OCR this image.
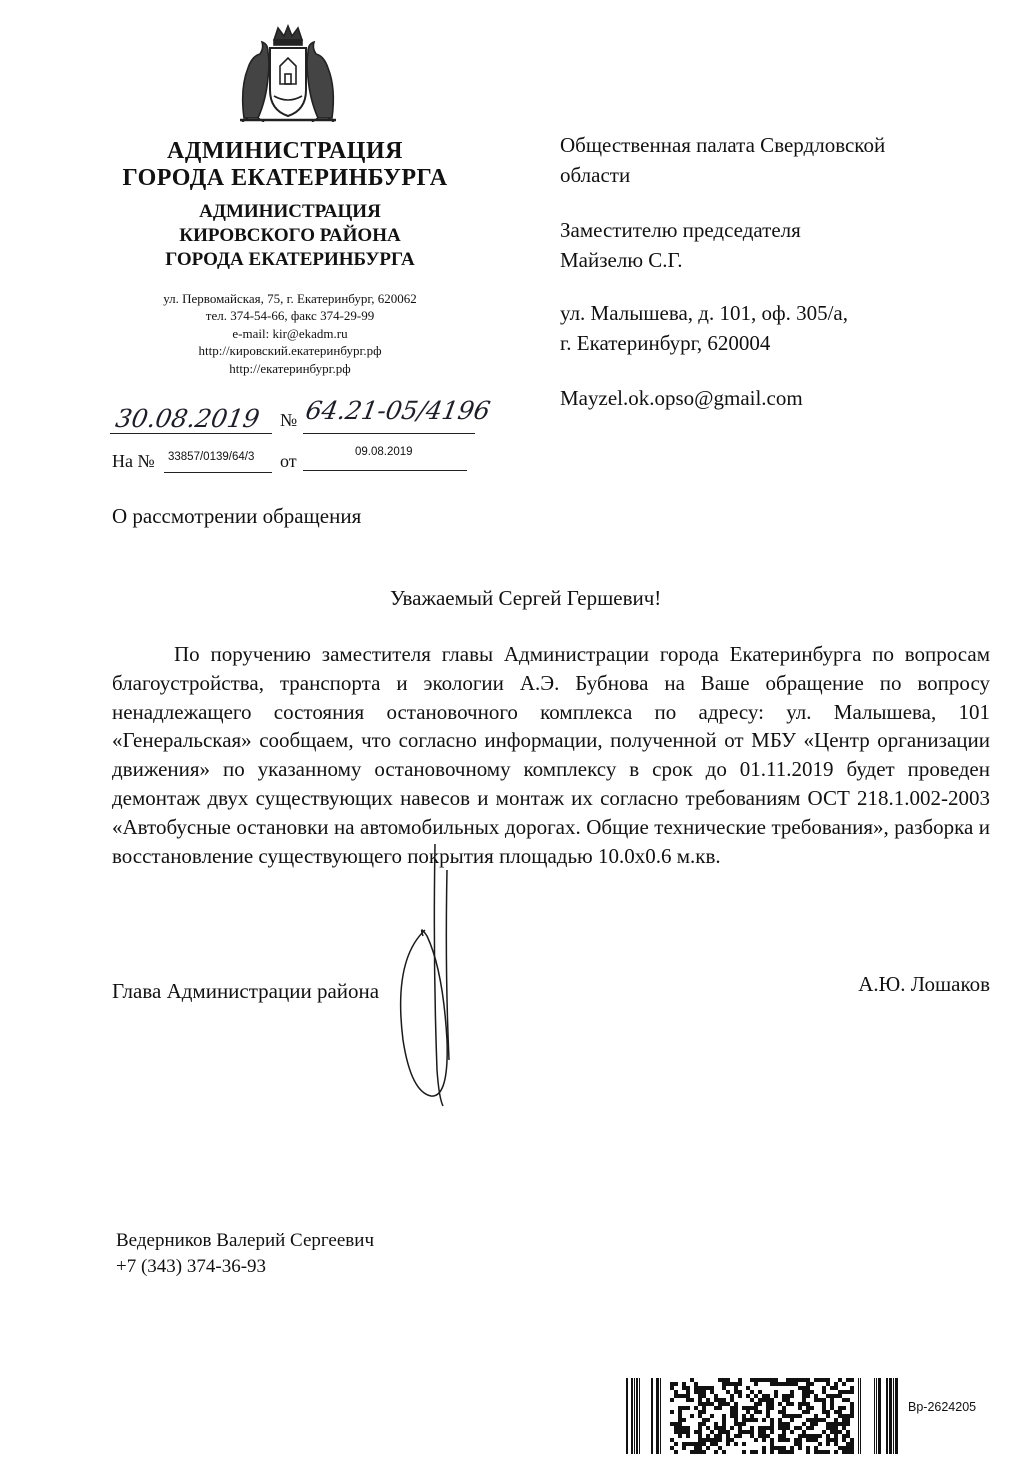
АДМИНИСТРАЦИЯ
ГОРОДА ЕКАТЕРИНБУРГА
АДМИНИСТРАЦИЯ
КИРОВСКОГО РАЙОНА
ГОРОДА ЕКАТЕРИНБУРГА
ул. Первомайская, 75, г. Екатеринбург, 620062
тел. 374-54-66, факс 374-29-99
e-mail: kir@ekadm.ru
http://кировский.екатеринбург.рф
http://екатеринбург.рф
30.08.2019 № 64.21-05/4196
На № 33857/0139/64/3 от	09.08.2019
Общественная палата Свердловской
области
Заместителю председателя
Майзелю С.Г.
ул. Малышева, д. 101, оф. 305/а,
г. Екатеринбург, 620004
Mayzel.ok.opso@gmail.com
О рассмотрении обращения
Уважаемый Сергей Гершевич!

По поручению заместителя главы Администрации города Екатеринбурга по вопросам благоустройства, транспорта и экологии А.Э. Бубнова на Ваше обращение по вопросу ненадлежащего состояния остановочного комплекса по адресу: ул. Малышева, 101 «Генеральская» сообщаем, что согласно информации, полученной от МБУ «Центр организации движения» по указанному остановочному комплексу в срок до 01.11.2019 будет проведен демонтаж двух существующих навесов и монтаж их согласно требованиям ОСТ 218.1.002-2003 «Автобусные остановки на автомобильных дорогах. Общие технические требования», разборка и восстановление существующего покрытия площадью 10.0х0.6 м.кв.

Глава Администрации района	А.Ю. Лошаков
Ведерников Валерий Сергеевич
+7 (343) 374-36-93
Вр-2624205
